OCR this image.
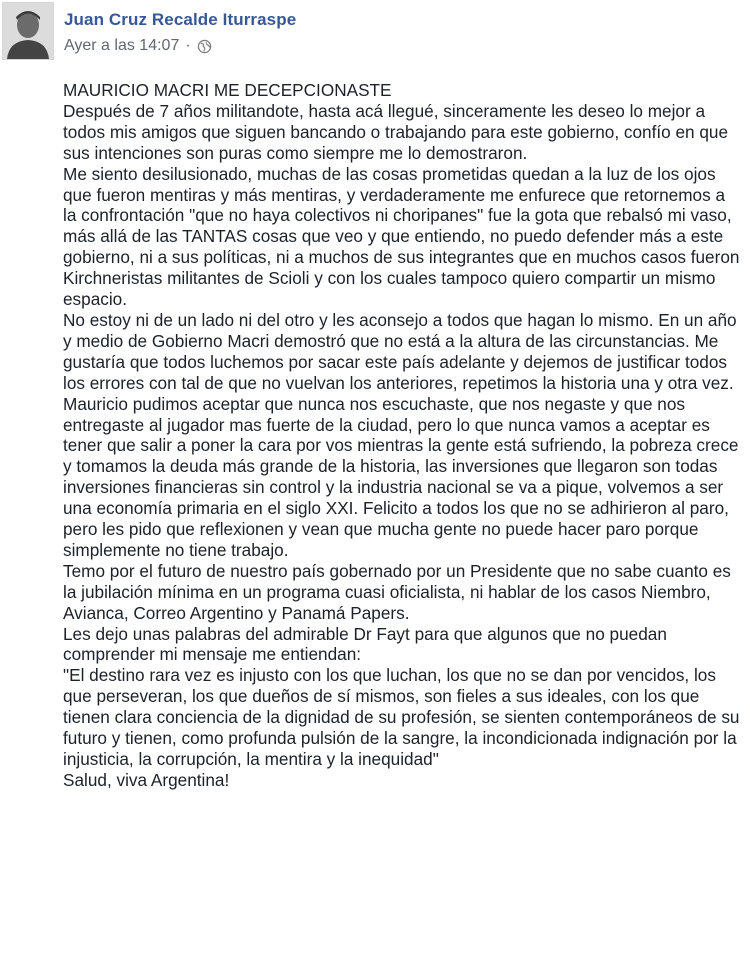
Juan Cruz Recalde Iturraspe
Ayer a las 14:07 ·

MAURICIO MACRI ME DECEPCIONASTE

Después de 7 años militandote, hasta acá llegué, sinceramente les deseo lo mejor a todos mis amigos que siguen bancando o trabajando para este gobierno, confío en que sus intenciones son puras como siempre me lo demostraron.

Me siento desilusionado, muchas de las cosas prometidas quedan a la luz de los ojos que fueron mentiras y más mentiras, y verdaderamente me enfurece que retornemos a la confrontación "que no haya colectivos ni choripanes" fue la gota que rebalsó mi vaso, más allá de las TANTAS cosas que veo y que entiendo, no puedo defender más a este gobierno, ni a sus políticas, ni a muchos de sus integrantes que en muchos casos fueron Kirchneristas militantes de Scioli y con los cuales tampoco quiero compartir un mismo espacio.

No estoy ni de un lado ni del otro y les aconsejo a todos que hagan lo mismo. En un año y medio de Gobierno Macri demostró que no está a la altura de las circunstancias. Me gustaría que todos luchemos por sacar este país adelante y dejemos de justificar todos los errores con tal de que no vuelvan los anteriores, repetimos la historia una y otra vez.

Mauricio pudimos aceptar que nunca nos escuchaste, que nos negaste y que nos entregaste al jugador mas fuerte de la ciudad, pero lo que nunca vamos a aceptar es tener que salir a poner la cara por vos mientras la gente está sufriendo, la pobreza crece y tomamos la deuda más grande de la historia, las inversiones que llegaron son todas inversiones financieras sin control y la industria nacional se va a pique, volvemos a ser una economía primaria en el siglo XXI. Felicito a todos los que no se adhirieron al paro, pero les pido que reflexionen y vean que mucha gente no puede hacer paro porque simplemente no tiene trabajo.

Temo por el futuro de nuestro país gobernado por un Presidente que no sabe cuanto es la jubilación mínima en un programa cuasi oficialista, ni hablar de los casos Niembro, Avianca, Correo Argentino y Panamá Papers.

Les dejo unas palabras del admirable Dr Fayt para que algunos que no puedan comprender mi mensaje me entiendan:

"El destino rara vez es injusto con los que luchan, los que no se dan por vencidos, los que perseveran, los que dueños de sí mismos, son fieles a sus ideales, con los que tienen clara conciencia de la dignidad de su profesión, se sienten contemporáneos de su futuro y tienen, como profunda pulsión de la sangre, la incondicionada indignación por la injusticia, la corrupción, la mentira y la inequidad"

Salud, viva Argentina!
